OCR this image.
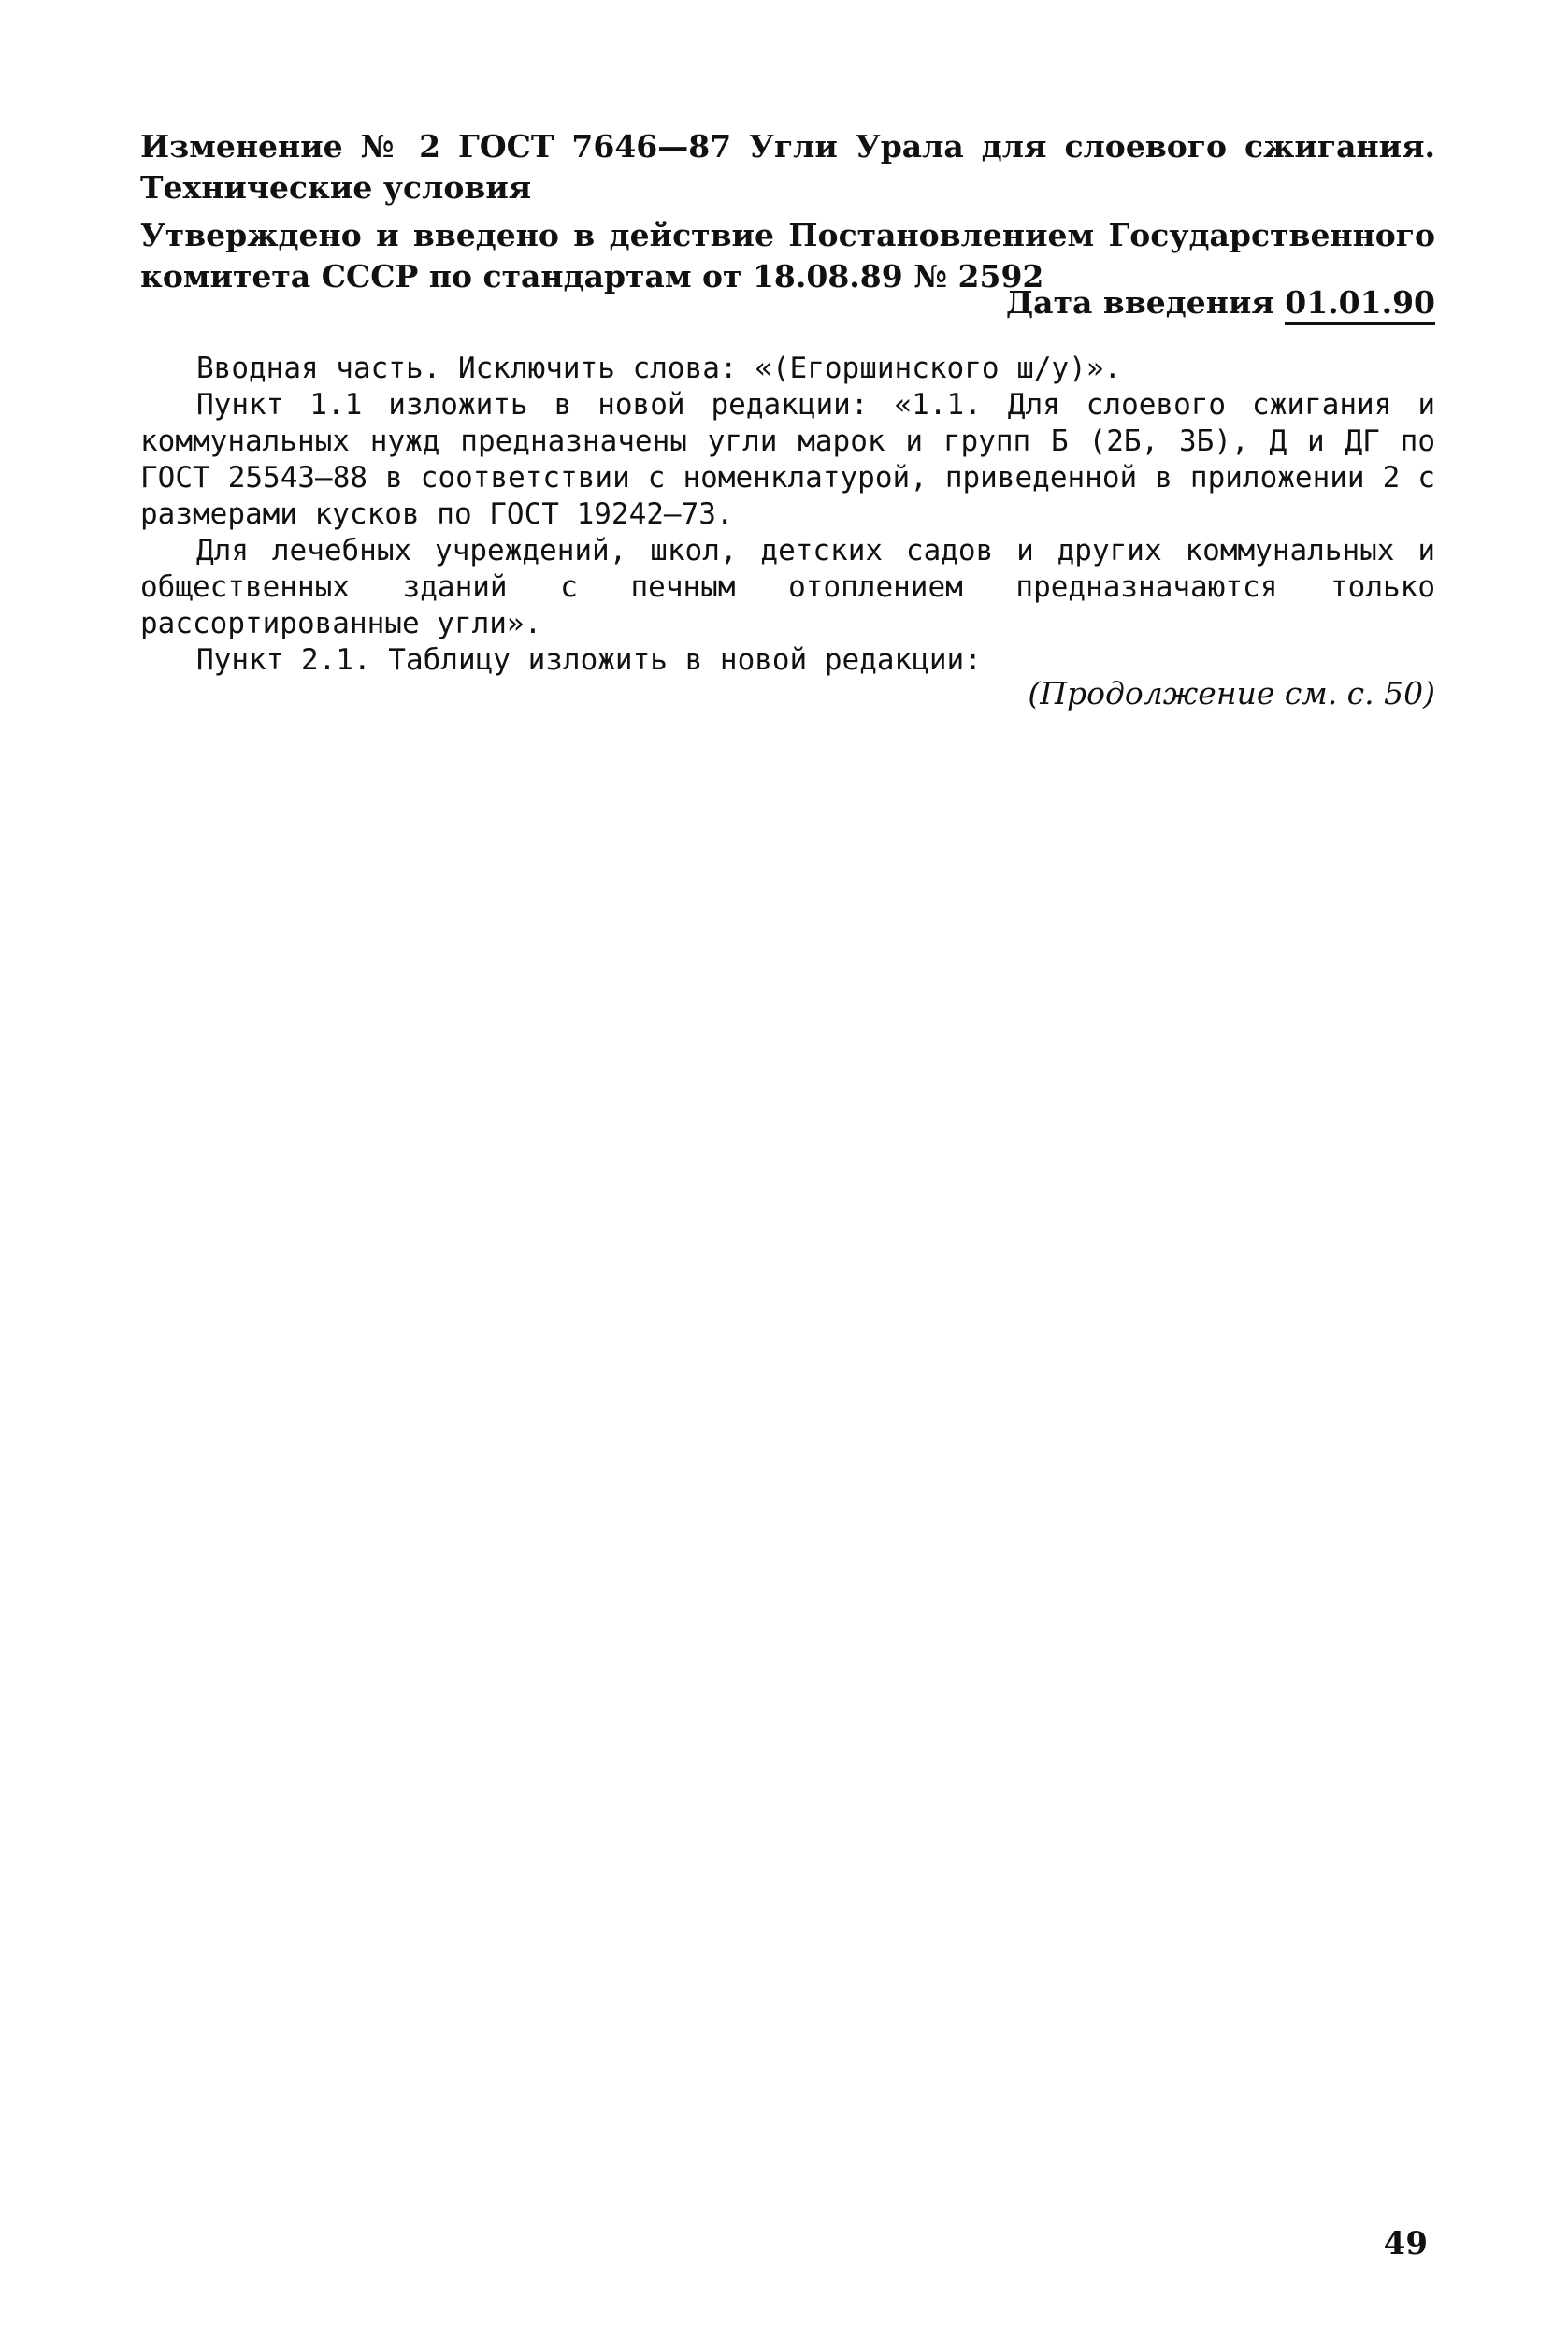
Изменение № 2 ГОСТ 7646—87 Угли Урала для слоевого сжигания. Технические условия

Утверждено и введено в действие Постановлением Государственного комитета СССР по стандартам от 18.08.89 № 2592

Дата введения 01.01.90

Вводная часть. Исключить слова: «(Егоршинского ш/у)».

Пункт 1.1 изложить в новой редакции: «1.1. Для слоевого сжигания и коммунальных нужд предназначены угли марок и групп Б (2Б, 3Б), Д и ДГ по ГОСТ 25543—88 в соответствии с номенклатурой, приведенной в приложении 2 с размерами кусков по ГОСТ 19242—73.

Для лечебных учреждений, школ, детских садов и других коммунальных и общественных зданий с печным отоплением предназначаются только рассортированные угли».

Пункт 2.1. Таблицу изложить в новой редакции:

(Продолжение см. с. 50)

49
